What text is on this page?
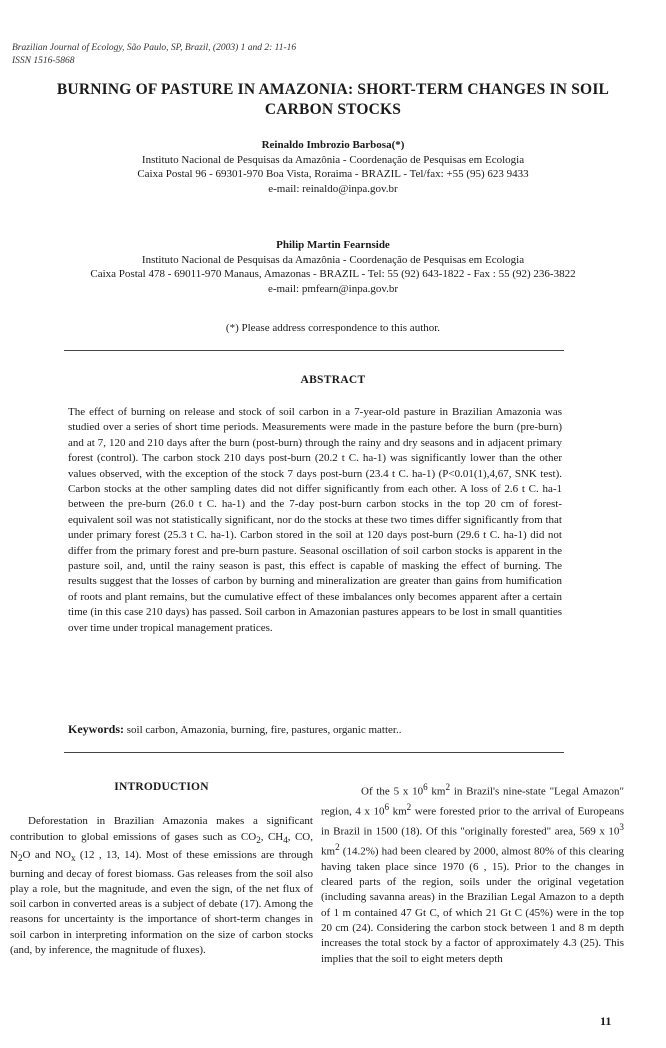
Brazilian Journal of Ecology, São Paulo, SP, Brazil, (2003) 1 and 2: 11-16
ISSN 1516-5868
BURNING OF PASTURE IN AMAZONIA: SHORT-TERM CHANGES IN SOIL
CARBON STOCKS
Reinaldo Imbrozio Barbosa(*)
Instituto Nacional de Pesquisas da Amazônia - Coordenação de Pesquisas em Ecologia
Caixa Postal 96 - 69301-970 Boa Vista, Roraima - BRAZIL - Tel/fax: +55 (95) 623 9433
e-mail: reinaldo@inpa.gov.br
Philip Martin Fearnside
Instituto Nacional de Pesquisas da Amazônia - Coordenação de Pesquisas em Ecologia
Caixa Postal 478 - 69011-970 Manaus, Amazonas - BRAZIL - Tel: 55 (92) 643-1822 - Fax : 55 (92) 236-3822
e-mail: pmfearn@inpa.gov.br
(*) Please address correspondence to this author.
ABSTRACT

The effect of burning on release and stock of soil carbon in a 7-year-old pasture in Brazilian Amazonia was studied over a series of short time periods. Measurements were made in the pasture before the burn (pre-burn) and at 7, 120 and 210 days after the burn (post-burn) through the rainy and dry seasons and in adjacent primary forest (control). The carbon stock 210 days post-burn (20.2 t C. ha-1) was significantly lower than the other values observed, with the exception of the stock 7 days post-burn (23.4 t C. ha-1) (P<0.01(1),4,67, SNK test). Carbon stocks at the other sampling dates did not differ significantly from each other. A loss of 2.6 t C. ha-1 between the pre-burn (26.0 t C. ha-1) and the 7-day post-burn carbon stocks in the top 20 cm of forest-equivalent soil was not statistically significant, nor do the stocks at these two times differ significantly from that under primary forest (25.3 t C. ha-1). Carbon stored in the soil at 120 days post-burn (29.6 t C. ha-1) did not differ from the primary forest and pre-burn pasture. Seasonal oscillation of soil carbon stocks is apparent in the pasture soil, and, until the rainy season is past, this effect is capable of masking the effect of burning. The results suggest that the losses of carbon by burning and mineralization are greater than gains from humification of roots and plant remains, but the cumulative effect of these imbalances only becomes apparent after a certain time (in this case 210 days) has passed. Soil carbon in Amazonian pastures appears to be lost in small quantities over time under tropical management pratices.

Keywords: soil carbon, Amazonia, burning, fire, pastures, organic matter..

INTRODUCTION

Deforestation in Brazilian Amazonia makes a significant contribution to global emissions of gases such as $CO_2$, $CH_4$, CO, $N_2O$ and $NO_x$ (12 , 13, 14). Most of these emissions are through burning and decay of forest biomass. Gas releases from the soil also play a role, but the magnitude, and even the sign, of the net flux of soil carbon in converted areas is a subject of debate (17). Among the reasons for uncertainty is the importance of short-term changes in soil carbon in interpreting information on the size of carbon stocks (and, by inference, the magnitude of fluxes).

Of the 5 x $10^6$ $km^2$ in Brazil's nine-state "Legal Amazon" region, 4 x $10^6$ $km^2$ were forested prior to the arrival of Europeans in Brazil in 1500 (18). Of this "originally forested" area, 569 x $10^3$ $km^2$ (14.2%) had been cleared by 2000, almost 80% of this clearing having taken place since 1970 (6 , 15). Prior to the changes in cleared parts of the region, soils under the original vegetation (including savanna areas) in the Brazilian Legal Amazon to a depth of 1 m contained 47 Gt C, of which 21 Gt C (45%) were in the top 20 cm (24). Considering the carbon stock between 1 and 8 m depth increases the total stock by a factor of approximately 4.3 (25). This implies that the soil to eight meters depth

11
